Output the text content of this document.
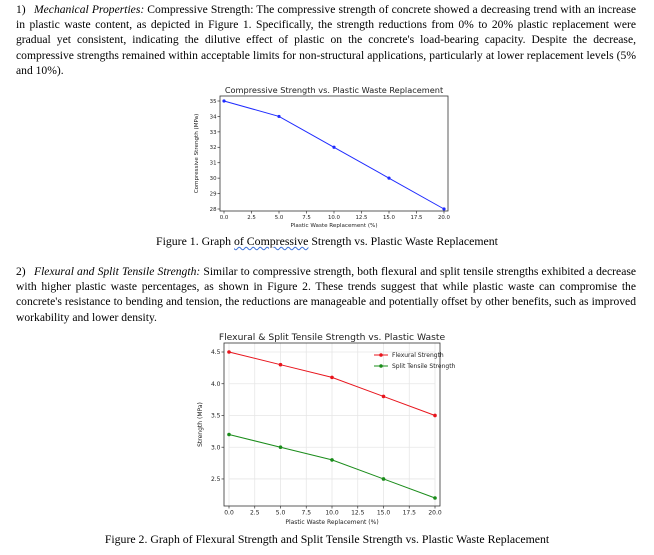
1) Mechanical Properties: Compressive Strength: The compressive strength of concrete showed a decreasing trend with an increase in plastic waste content, as depicted in Figure 1. Specifically, the strength reductions from 0% to 20% plastic replacement were gradual yet consistent, indicating the dilutive effect of plastic on the concrete's load-bearing capacity. Despite the decrease, compressive strengths remained within acceptable limits for non-structural applications, particularly at lower replacement levels (5% and 10%).

Compressive Strength vs. Plastic Waste Replacement
0.0	2.5	5.0	7.5	10.0	12.5	15.0	17.5	20.0
28
29
30
31
32
33
34
35
Plastic Waste Replacement (%)
Compressive Strength (MPa)
Figure 1. Graph of Compressive Strength vs. Plastic Waste Replacement

2) Flexural and Split Tensile Strength: Similar to compressive strength, both flexural and split tensile strengths exhibited a decrease with higher plastic waste percentages, as shown in Figure 2. These trends suggest that while plastic waste can compromise the concrete's resistance to bending and tension, the reductions are manageable and potentially offset by other benefits, such as improved workability and lower density.

Flexural & Split Tensile Strength vs. Plastic Waste
0.0	2.5	5.0	7.5 10.0 12.5 15.0 17.5 20.0
2.5
3.0
3.5
4.0
4.5
Plastic Waste Replacement (%)
Strength (MPa)
Flexural Strength
Split Tensile Strength
Figure 2. Graph of Flexural Strength and Split Tensile Strength vs. Plastic Waste Replacement
